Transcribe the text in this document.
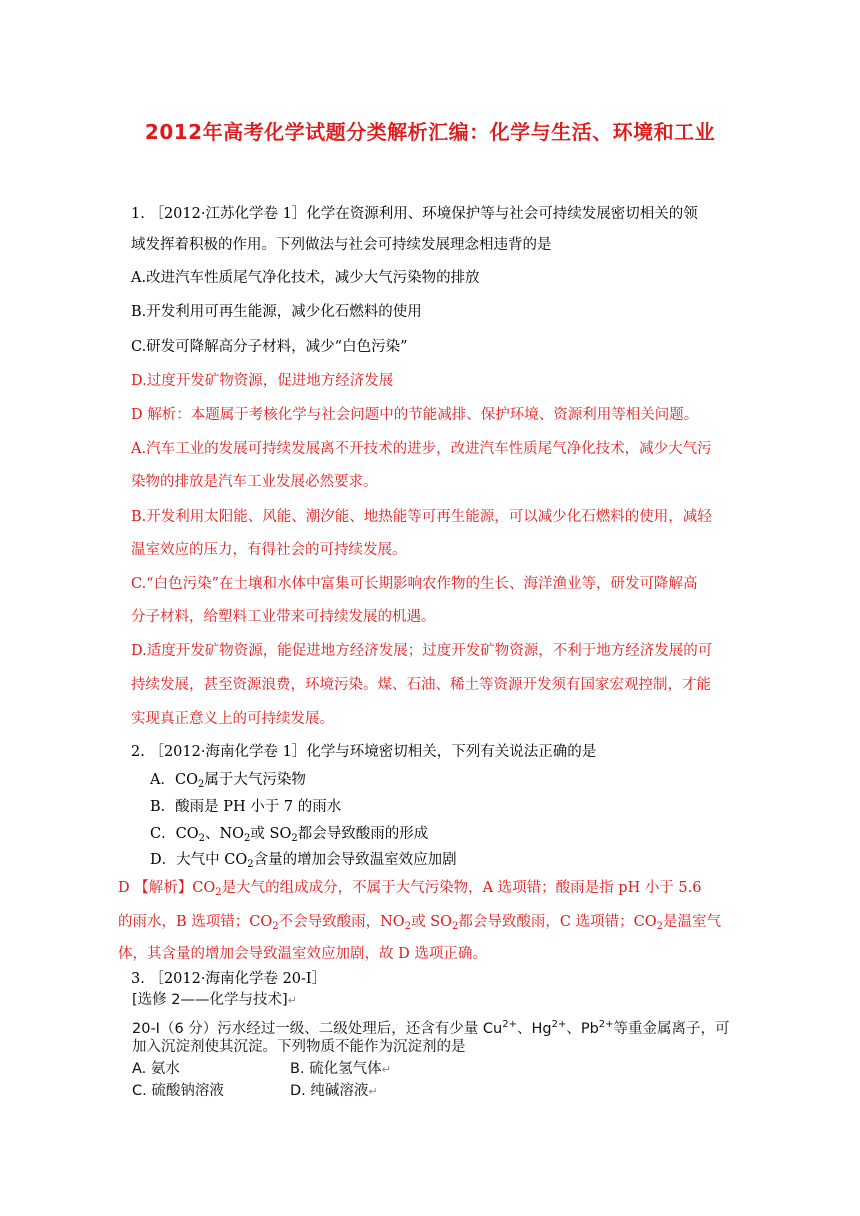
2012年高考化学试题分类解析汇编：化学与生活、环境和工业
1. ［2012·江苏化学卷 1］化学在资源利用、环境保护等与社会可持续发展密切相关的领
域发挥着积极的作用。下列做法与社会可持续发展理念相违背的是
A.改进汽车性质尾气净化技术，减少大气污染物的排放
B.开发利用可再生能源，减少化石燃料的使用
C.研发可降解高分子材料，减少“白色污染”
D.过度开发矿物资源，促进地方经济发展
D 解析：本题属于考核化学与社会问题中的节能减排、保护环境、资源利用等相关问题。
A.汽车工业的发展可持续发展离不开技术的进步，改进汽车性质尾气净化技术，减少大气污
染物的排放是汽车工业发展必然要求。
B.开发利用太阳能、风能、潮汐能、地热能等可再生能源，可以减少化石燃料的使用，减轻
温室效应的压力，有得社会的可持续发展。
C.“白色污染”在土壤和水体中富集可长期影响农作物的生长、海洋渔业等，研发可降解高
分子材料，给塑料工业带来可持续发展的机遇。
D.适度开发矿物资源，能促进地方经济发展；过度开发矿物资源，不利于地方经济发展的可
持续发展，甚至资源浪费，环境污染。煤、石油、稀土等资源开发须有国家宏观控制，才能
实现真正意义上的可持续发展。
2. ［2012·海南化学卷 1］化学与环境密切相关，下列有关说法正确的是
A．$CO_2$属于大气污染物
B．酸雨是 PH 小于 7 的雨水
C．$CO_2$、$NO_2$或 $SO_2$都会导致酸雨的形成
D．大气中 $CO_2$含量的增加会导致温室效应加剧
D 【解析】$CO_2$是大气的组成成分，不属于大气污染物，A 选项错；酸雨是指 pH 小于 5.6
的雨水，B 选项错；$CO_2$不会导致酸雨，$NO_2$或 $SO_2$都会导致酸雨，C 选项错；$CO_2$是温室气
体，其含量的增加会导致温室效应加剧，故 D 选项正确。
3. ［2012·海南化学卷 20-I］
[选修 2——化学与技术]↵
20-I（6 分）污水经过一级、二级处理后，还含有少量 $Cu^{2+}$、$Hg^{2+}$、$Pb^{2+}$等重金属离子，可
加入沉淀剂使其沉淀。下列物质不能作为沉淀剂的是
A. 氨水	B. 硫化氢气体↵
C. 硫酸钠溶液	D. 纯碱溶液↵
